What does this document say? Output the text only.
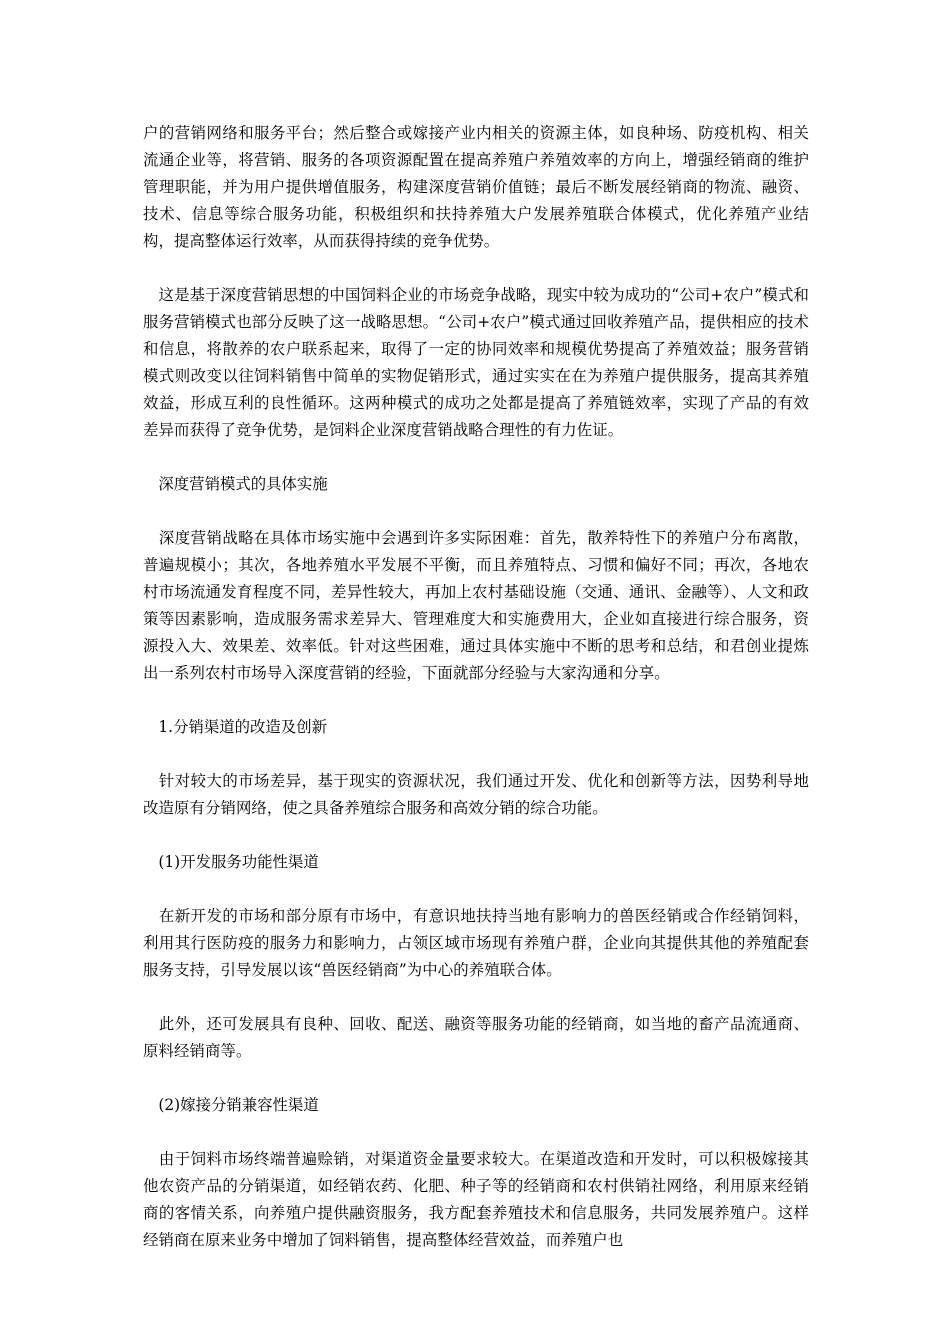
户的营销网络和服务平台；然后整合或嫁接产业内相关的资源主体，如良种场、防疫机构、相关流通企业等，将营销、服务的各项资源配置在提高养殖户养殖效率的方向上，增强经销商的维护管理职能，并为用户提供增值服务，构建深度营销价值链；最后不断发展经销商的物流、融资、技术、信息等综合服务功能，积极组织和扶持养殖大户发展养殖联合体模式，优化养殖产业结构，提高整体运行效率，从而获得持续的竞争优势。

　这是基于深度营销思想的中国饲料企业的市场竞争战略，现实中较为成功的“公司+农户”模式和服务营销模式也部分反映了这一战略思想。“公司+农户”模式通过回收养殖产品，提供相应的技术和信息，将散养的农户联系起来，取得了一定的协同效率和规模优势提高了养殖效益；服务营销模式则改变以往饲料销售中简单的实物促销形式，通过实实在在为养殖户提供服务，提高其养殖效益，形成互利的良性循环。这两种模式的成功之处都是提高了养殖链效率，实现了产品的有效差异而获得了竞争优势，是饲料企业深度营销战略合理性的有力佐证。

　深度营销模式的具体实施

　深度营销战略在具体市场实施中会遇到许多实际困难：首先，散养特性下的养殖户分布离散，普遍规模小；其次，各地养殖水平发展不平衡，而且养殖特点、习惯和偏好不同；再次，各地农村市场流通发育程度不同，差异性较大，再加上农村基础设施（交通、通讯、金融等）、人文和政策等因素影响，造成服务需求差异大、管理难度大和实施费用大，企业如直接进行综合服务，资源投入大、效果差、效率低。针对这些困难，通过具体实施中不断的思考和总结，和君创业提炼出一系列农村市场导入深度营销的经验，下面就部分经验与大家沟通和分享。

　1.分销渠道的改造及创新

　针对较大的市场差异，基于现实的资源状况，我们通过开发、优化和创新等方法，因势利导地改造原有分销网络，使之具备养殖综合服务和高效分销的综合功能。

　(1)开发服务功能性渠道

　在新开发的市场和部分原有市场中，有意识地扶持当地有影响力的兽医经销或合作经销饲料，利用其行医防疫的服务力和影响力，占领区域市场现有养殖户群，企业向其提供其他的养殖配套服务支持，引导发展以该“兽医经销商”为中心的养殖联合体。

　此外，还可发展具有良种、回收、配送、融资等服务功能的经销商，如当地的畜产品流通商、原料经销商等。

　(2)嫁接分销兼容性渠道

　由于饲料市场终端普遍赊销，对渠道资金量要求较大。在渠道改造和开发时，可以积极嫁接其他农资产品的分销渠道，如经销农药、化肥、种子等的经销商和农村供销社网络，利用原来经销商的客情关系，向养殖户提供融资服务，我方配套养殖技术和信息服务，共同发展养殖户。这样经销商在原来业务中增加了饲料销售，提高整体经营效益，而养殖户也
